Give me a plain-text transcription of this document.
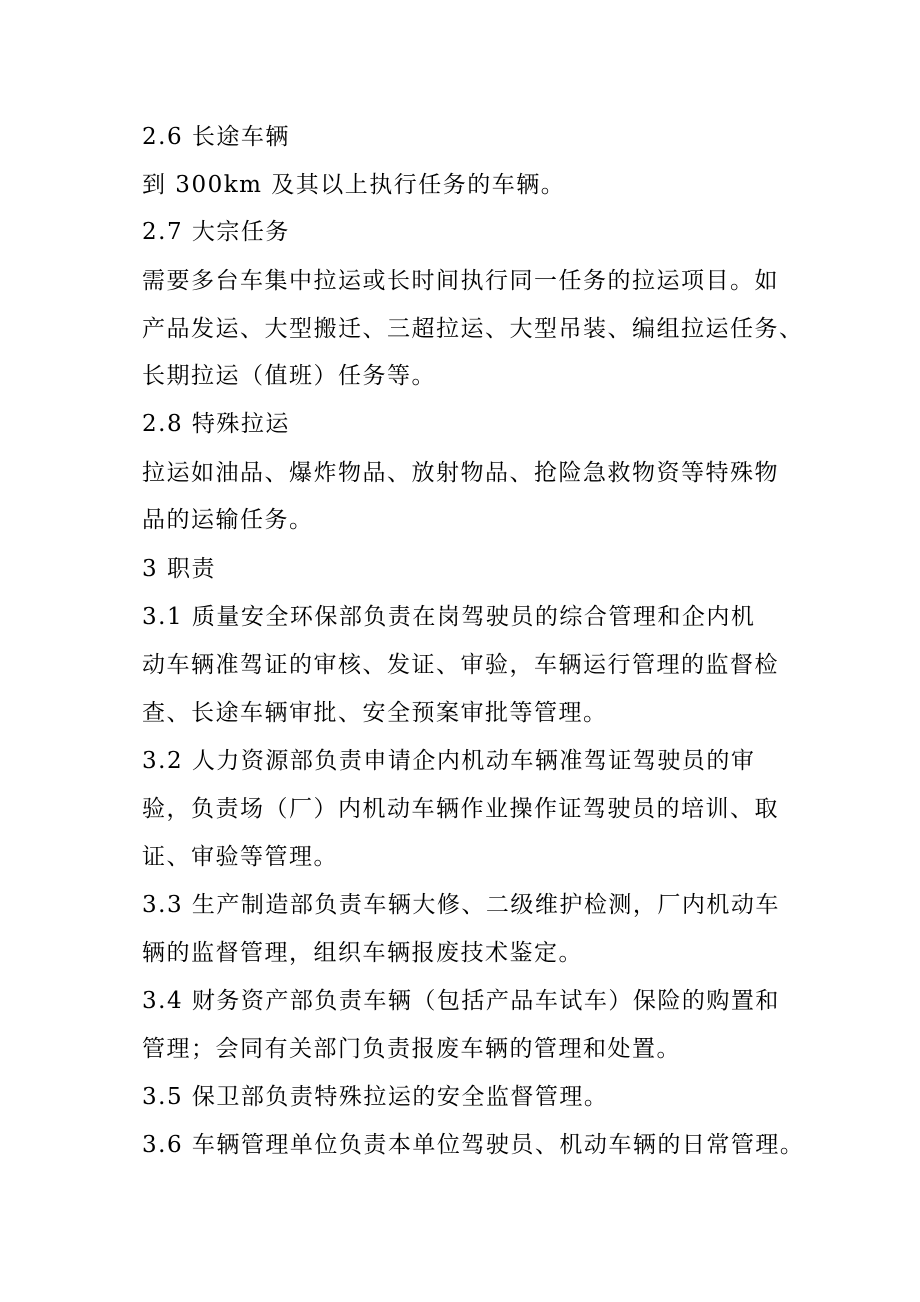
2.6 长途车辆
到 300km 及其以上执行任务的车辆。
2.7 大宗任务
需要多台车集中拉运或长时间执行同一任务的拉运项目。如
产品发运、大型搬迁、三超拉运、大型吊装、编组拉运任务、
长期拉运（值班）任务等。
2.8 特殊拉运
拉运如油品、爆炸物品、放射物品、抢险急救物资等特殊物
品的运输任务。
3 职责
3.1 质量安全环保部负责在岗驾驶员的综合管理和企内机
动车辆准驾证的审核、发证、审验，车辆运行管理的监督检
查、长途车辆审批、安全预案审批等管理。
3.2 人力资源部负责申请企内机动车辆准驾证驾驶员的审
验，负责场（厂）内机动车辆作业操作证驾驶员的培训、取
证、审验等管理。
3.3 生产制造部负责车辆大修、二级维护检测，厂内机动车
辆的监督管理，组织车辆报废技术鉴定。
3.4 财务资产部负责车辆（包括产品车试车）保险的购置和
管理；会同有关部门负责报废车辆的管理和处置。
3.5 保卫部负责特殊拉运的安全监督管理。
3.6 车辆管理单位负责本单位驾驶员、机动车辆的日常管理。
